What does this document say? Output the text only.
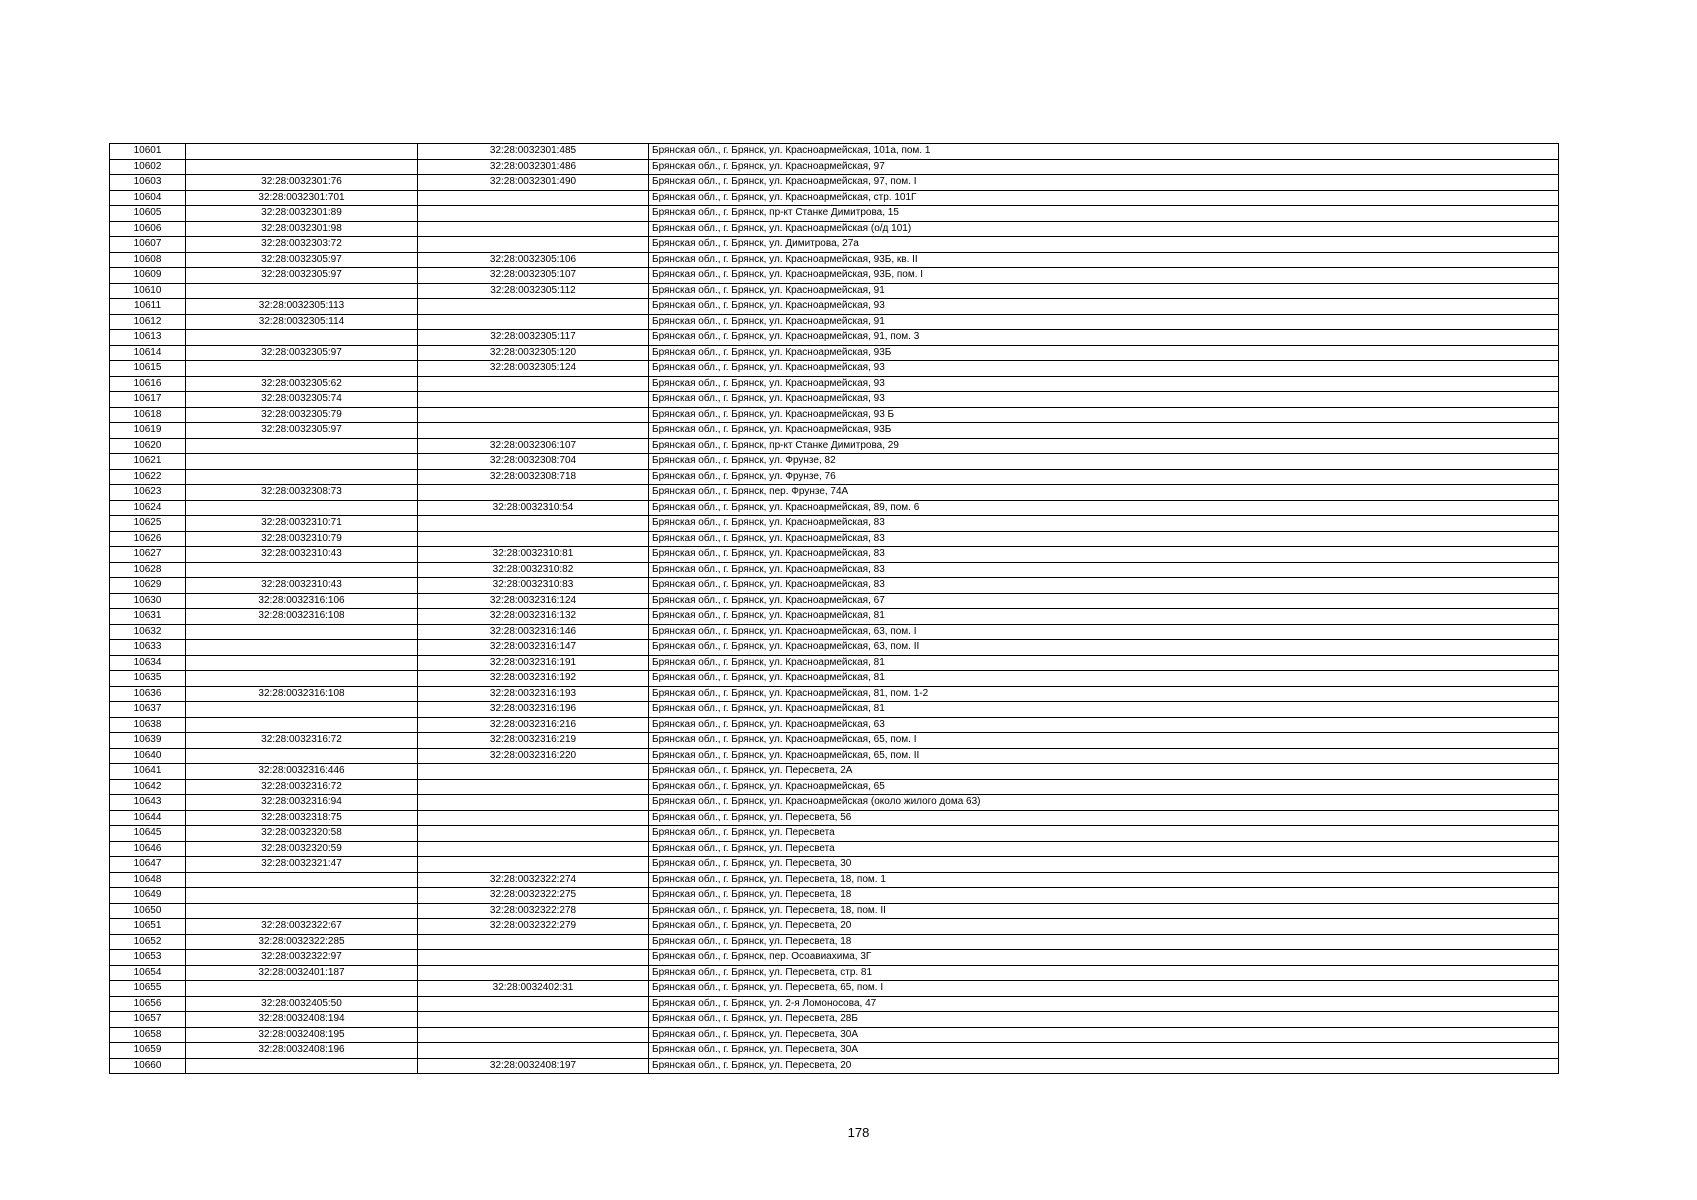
10601		32:28:0032301:485	Брянская обл., г. Брянск, ул. Красноармейская, 101а, пом. 1
10602		32:28:0032301:486	Брянская обл., г. Брянск, ул. Красноармейская, 97
10603	32:28:0032301:76	32:28:0032301:490	Брянская обл., г. Брянск, ул. Красноармейская, 97, пом. I
10604	32:28:0032301:701		Брянская обл., г. Брянск, ул. Красноармейская, стр. 101Г
10605	32:28:0032301:89		Брянская обл., г. Брянск, пр-кт Станке Димитрова, 15
10606	32:28:0032301:98		Брянская обл., г. Брянск, ул. Красноармейская (о/д 101)
10607	32:28:0032303:72		Брянская обл., г. Брянск, ул. Димитрова, 27а
10608	32:28:0032305:97	32:28:0032305:106	Брянская обл., г. Брянск, ул. Красноармейская, 93Б, кв. II
10609	32:28:0032305:97	32:28:0032305:107	Брянская обл., г. Брянск, ул. Красноармейская, 93Б, пом. I
10610		32:28:0032305:112	Брянская обл., г. Брянск, ул. Красноармейская, 91
10611	32:28:0032305:113		Брянская обл., г. Брянск, ул. Красноармейская, 93
10612	32:28:0032305:114		Брянская обл., г. Брянск, ул. Красноармейская, 91
10613		32:28:0032305:117	Брянская обл., г. Брянск, ул. Красноармейская, 91, пом. 3
10614	32:28:0032305:97	32:28:0032305:120	Брянская обл., г. Брянск, ул. Красноармейская, 93Б
10615		32:28:0032305:124	Брянская обл., г. Брянск, ул. Красноармейская, 93
10616	32:28:0032305:62		Брянская обл., г. Брянск, ул. Красноармейская, 93
10617	32:28:0032305:74		Брянская обл., г. Брянск, ул. Красноармейская, 93
10618	32:28:0032305:79		Брянская обл., г. Брянск, ул. Красноармейская, 93 Б
10619	32:28:0032305:97		Брянская обл., г. Брянск, ул. Красноармейская, 93Б
10620		32:28:0032306:107	Брянская обл., г. Брянск, пр-кт Станке Димитрова, 29
10621		32:28:0032308:704	Брянская обл., г. Брянск, ул. Фрунзе, 82
10622		32:28:0032308:718	Брянская обл., г. Брянск, ул. Фрунзе, 76
10623	32:28:0032308:73		Брянская обл., г. Брянск, пер. Фрунзе, 74А
10624		32:28:0032310:54	Брянская обл., г. Брянск, ул. Красноармейская, 89, пом. 6
10625	32:28:0032310:71		Брянская обл., г. Брянск, ул. Красноармейская, 83
10626	32:28:0032310:79		Брянская обл., г. Брянск, ул. Красноармейская, 83
10627	32:28:0032310:43	32:28:0032310:81	Брянская обл., г. Брянск, ул. Красноармейская, 83
10628		32:28:0032310:82	Брянская обл., г. Брянск, ул. Красноармейская, 83
10629	32:28:0032310:43	32:28:0032310:83	Брянская обл., г. Брянск, ул. Красноармейская, 83
10630	32:28:0032316:106	32:28:0032316:124	Брянская обл., г. Брянск, ул. Красноармейская, 67
10631	32:28:0032316:108	32:28:0032316:132	Брянская обл., г. Брянск, ул. Красноармейская, 81
10632		32:28:0032316:146	Брянская обл., г. Брянск, ул. Красноармейская, 63, пом. I
10633		32:28:0032316:147	Брянская обл., г. Брянск, ул. Красноармейская, 63, пом. II
10634		32:28:0032316:191	Брянская обл., г. Брянск, ул. Красноармейская, 81
10635		32:28:0032316:192	Брянская обл., г. Брянск, ул. Красноармейская, 81
10636	32:28:0032316:108	32:28:0032316:193	Брянская обл., г. Брянск, ул. Красноармейская, 81, пом. 1-2
10637		32:28:0032316:196	Брянская обл., г. Брянск, ул. Красноармейская, 81
10638		32:28:0032316:216	Брянская обл., г. Брянск, ул. Красноармейская, 63
10639	32:28:0032316:72	32:28:0032316:219	Брянская обл., г. Брянск, ул. Красноармейская, 65, пом. I
10640		32:28:0032316:220	Брянская обл., г. Брянск, ул. Красноармейская, 65, пом. II
10641	32:28:0032316:446		Брянская обл., г. Брянск, ул. Пересвета, 2А
10642	32:28:0032316:72		Брянская обл., г. Брянск, ул. Красноармейская, 65
10643	32:28:0032316:94		Брянская обл., г. Брянск, ул. Красноармейская (около жилого дома 63)
10644	32:28:0032318:75		Брянская обл., г. Брянск, ул. Пересвета, 56
10645	32:28:0032320:58		Брянская обл., г. Брянск, ул. Пересвета
10646	32:28:0032320:59		Брянская обл., г. Брянск, ул. Пересвета
10647	32:28:0032321:47		Брянская обл., г. Брянск, ул. Пересвета, 30
10648		32:28:0032322:274	Брянская обл., г. Брянск, ул. Пересвета, 18, пом. 1
10649		32:28:0032322:275	Брянская обл., г. Брянск, ул. Пересвета, 18
10650		32:28:0032322:278	Брянская обл., г. Брянск, ул. Пересвета, 18, пом. II
10651	32:28:0032322:67	32:28:0032322:279	Брянская обл., г. Брянск, ул. Пересвета, 20
10652	32:28:0032322:285		Брянская обл., г. Брянск, ул. Пересвета, 18
10653	32:28:0032322:97		Брянская обл., г. Брянск, пер. Осоавиахима, 3Г
10654	32:28:0032401:187		Брянская обл., г. Брянск, ул. Пересвета, стр. 81
10655		32:28:0032402:31	Брянская обл., г. Брянск, ул. Пересвета, 65, пом. I
10656	32:28:0032405:50		Брянская обл., г. Брянск, ул. 2-я Ломоносова, 47
10657	32:28:0032408:194		Брянская обл., г. Брянск, ул. Пересвета, 28Б
10658	32:28:0032408:195		Брянская обл., г. Брянск, ул. Пересвета, 30А
10659	32:28:0032408:196		Брянская обл., г. Брянск, ул. Пересвета, 30А
10660		32:28:0032408:197	Брянская обл., г. Брянск, ул. Пересвета, 20
178
